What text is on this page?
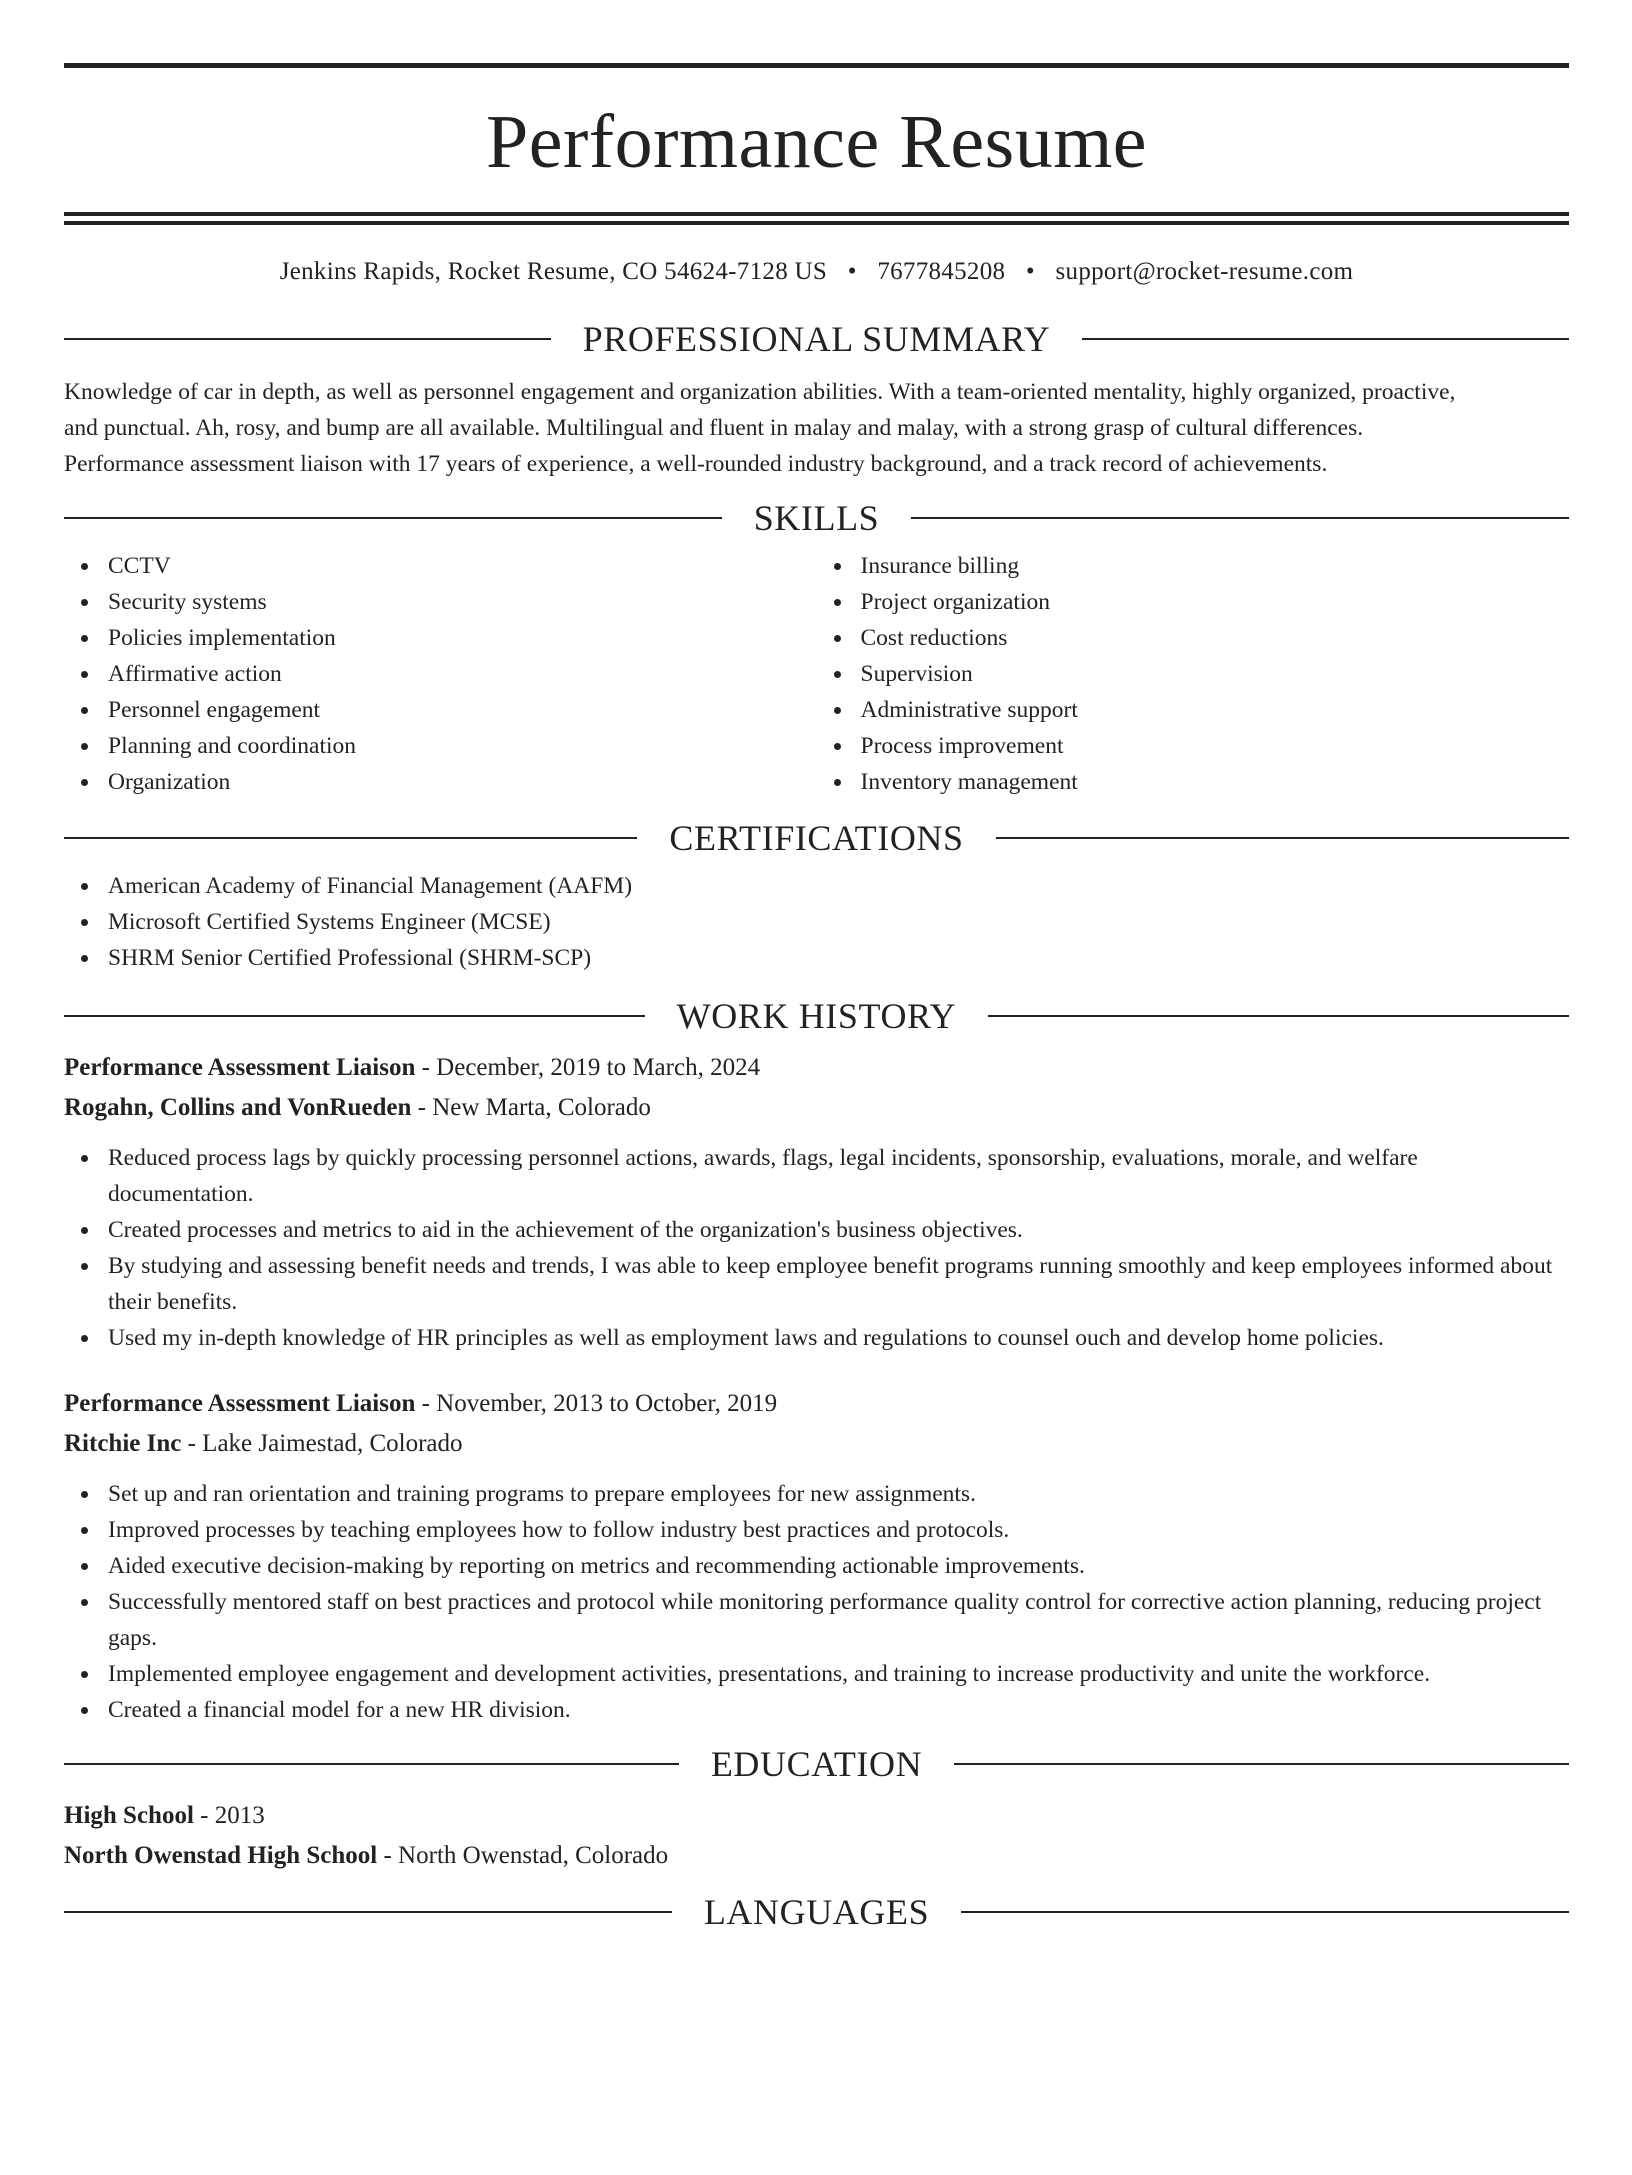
Performance Resume
Jenkins Rapids, Rocket Resume, CO 54624-7128 US • 7677845208 • support@rocket-resume.com
PROFESSIONAL SUMMARY

Knowledge of car in depth, as well as personnel engagement and organization abilities. With a team-oriented mentality, highly organized, proactive,

and punctual. Ah, rosy, and bump are all available. Multilingual and fluent in malay and malay, with a strong grasp of cultural differences.

Performance assessment liaison with 17 years of experience, a well-rounded industry background, and a track record of achievements.

SKILLS
CCTV
Security systems
Policies implementation
Affirmative action
Personnel engagement
Planning and coordination
Organization
Insurance billing
Project organization
Cost reductions
Supervision
Administrative support
Process improvement
Inventory management
CERTIFICATIONS
American Academy of Financial Management (AAFM)
Microsoft Certified Systems Engineer (MCSE)
SHRM Senior Certified Professional (SHRM-SCP)
WORK HISTORY
Performance Assessment Liaison - December, 2019 to March, 2024
Rogahn, Collins and VonRueden - New Marta, Colorado
Reduced process lags by quickly processing personnel actions, awards, flags, legal incidents, sponsorship, evaluations, morale, and welfare documentation.
Created processes and metrics to aid in the achievement of the organization's business objectives.
By studying and assessing benefit needs and trends, I was able to keep employee benefit programs running smoothly and keep employees informed about their benefits.
Used my in-depth knowledge of HR principles as well as employment laws and regulations to counsel ouch and develop home policies.
Performance Assessment Liaison - November, 2013 to October, 2019
Ritchie Inc - Lake Jaimestad, Colorado
Set up and ran orientation and training programs to prepare employees for new assignments.
Improved processes by teaching employees how to follow industry best practices and protocols.
Aided executive decision-making by reporting on metrics and recommending actionable improvements.
Successfully mentored staff on best practices and protocol while monitoring performance quality control for corrective action planning, reducing project gaps.
Implemented employee engagement and development activities, presentations, and training to increase productivity and unite the workforce.
Created a financial model for a new HR division.
EDUCATION
High School - 2013
North Owenstad High School - North Owenstad, Colorado
LANGUAGES
